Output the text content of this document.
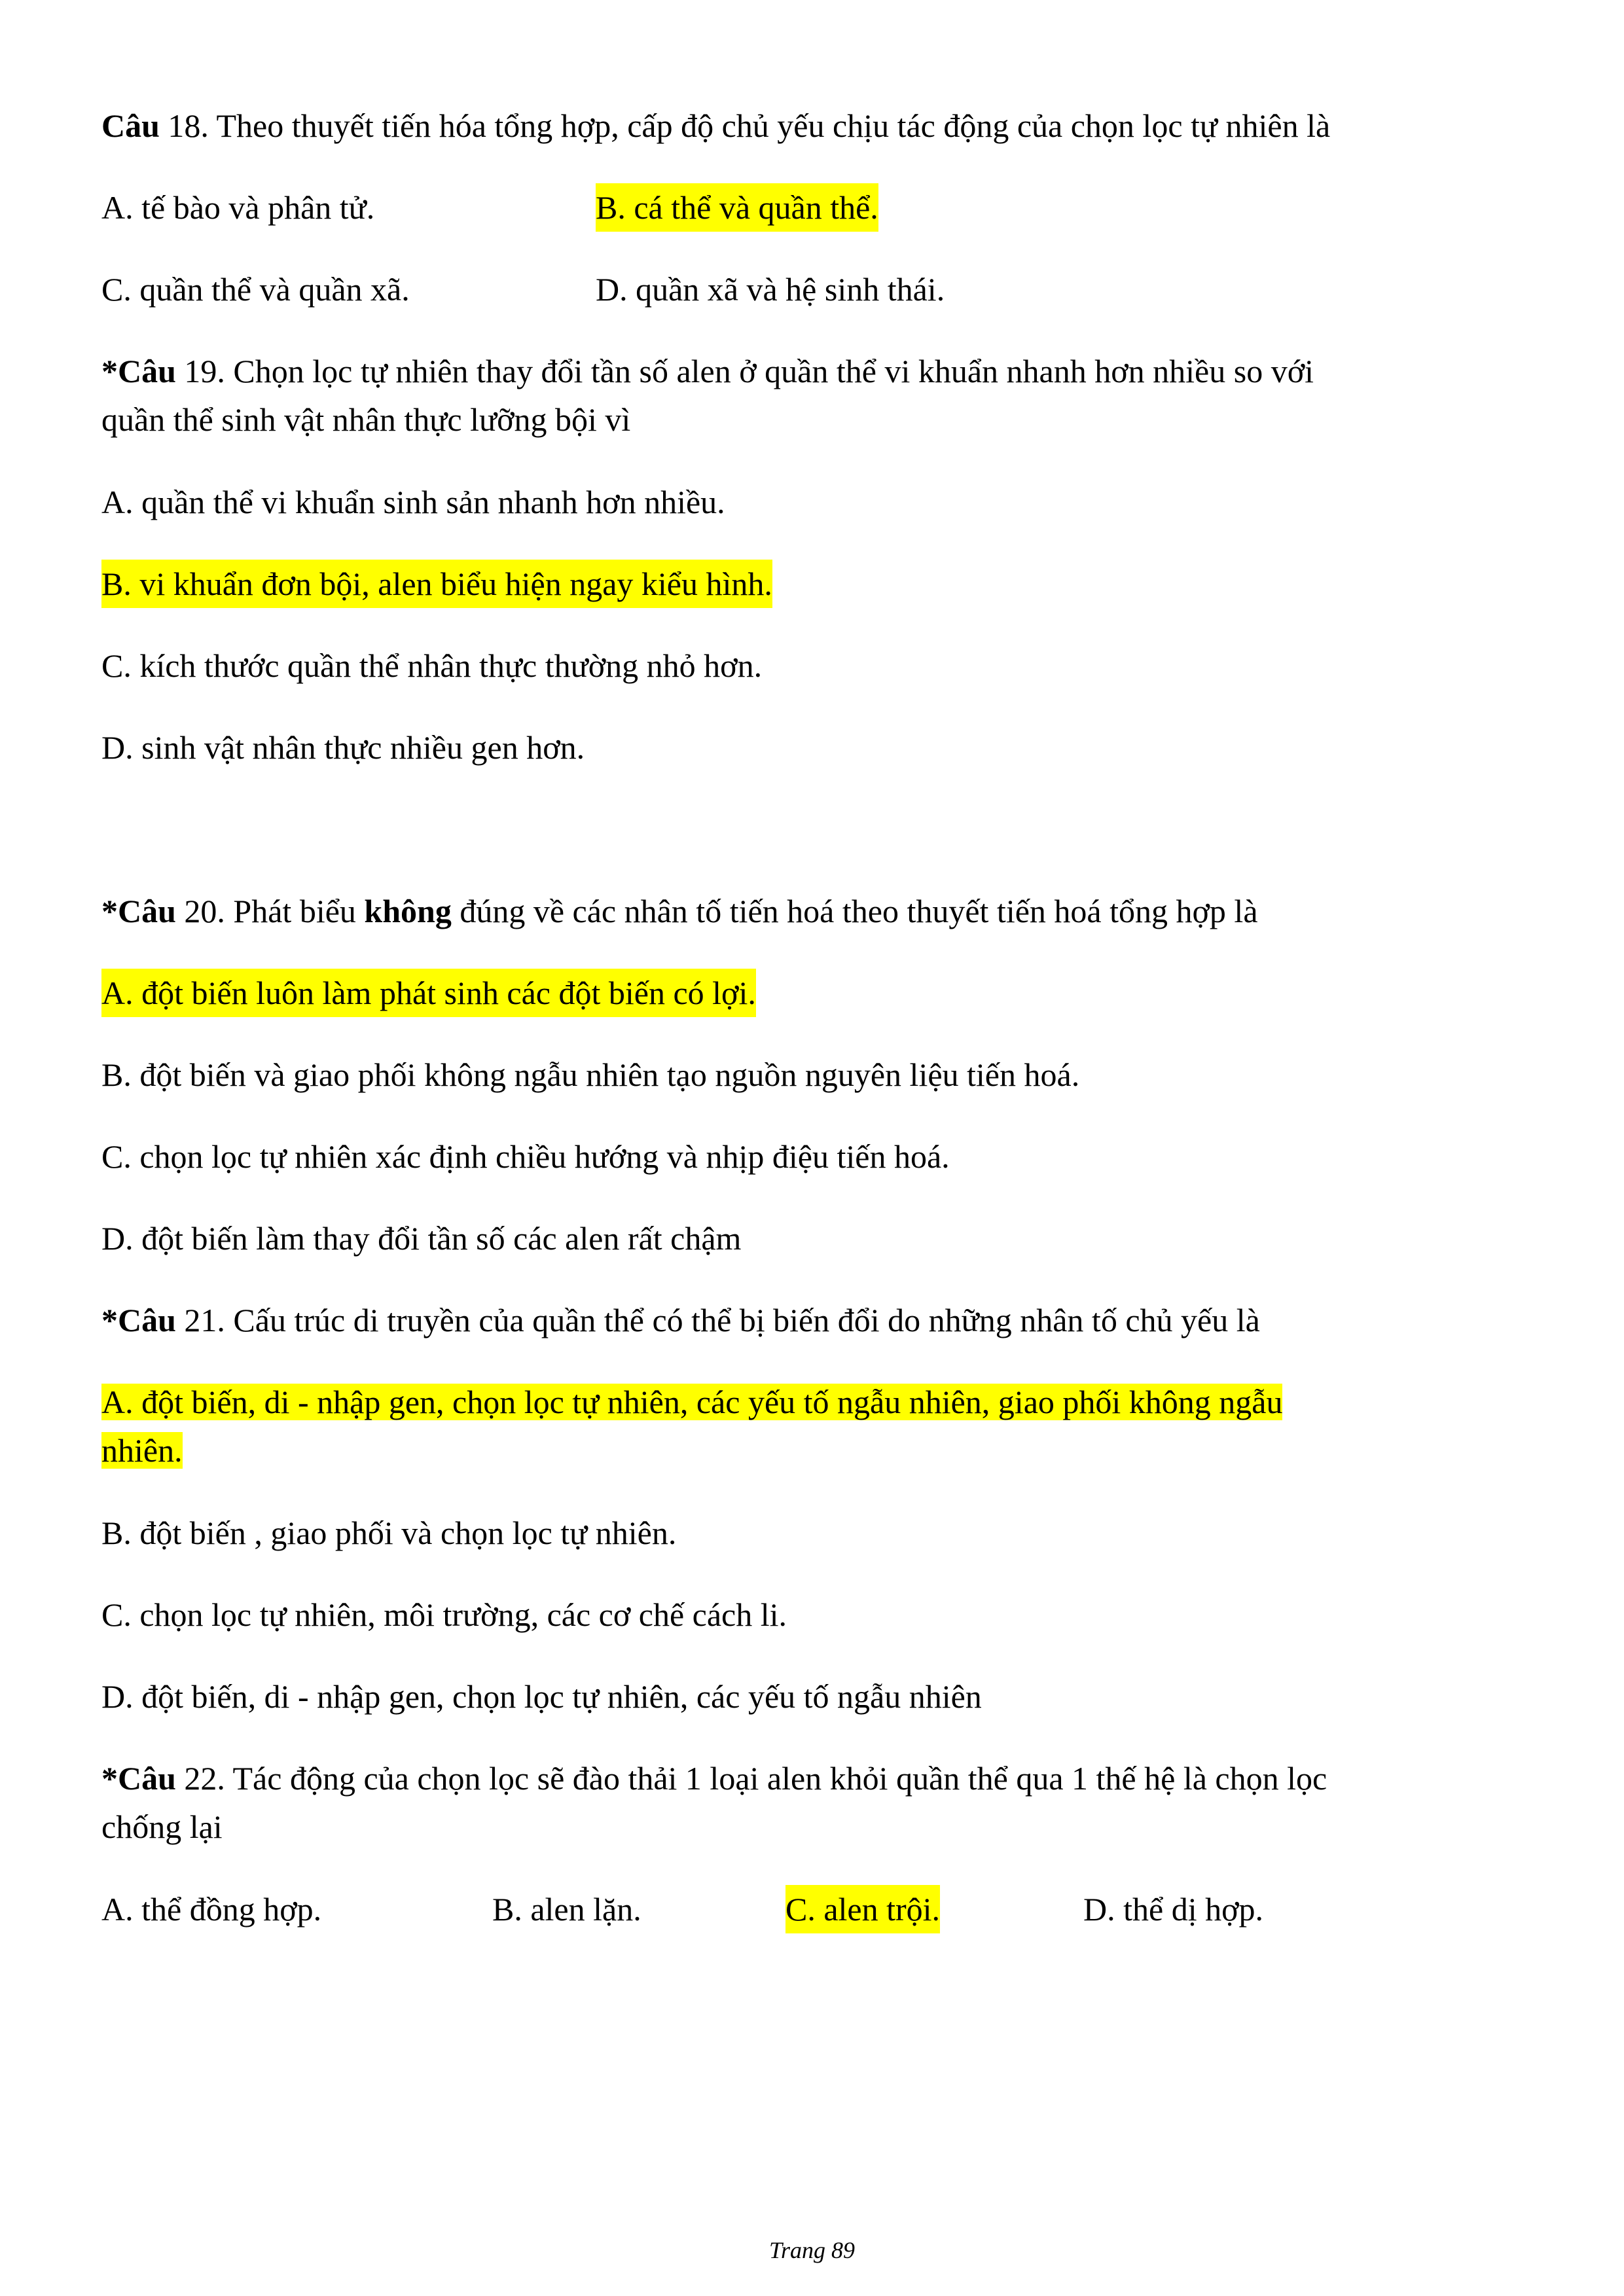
Câu 18. Theo thuyết tiến hóa tổng hợp, cấp độ chủ yếu chịu tác động của chọn lọc tự nhiên là
A. tế bào và phân tử.	B. cá thể và quần thể.
C. quần thể và quần xã.	D. quần xã và hệ sinh thái.
*Câu 19. Chọn lọc tự nhiên thay đổi tần số alen ở quần thể vi khuẩn nhanh hơn nhiều so với
quần thể sinh vật nhân thực lưỡng bội vì
A. quần thể vi khuẩn sinh sản nhanh hơn nhiều.
B. vi khuẩn đơn bội, alen biểu hiện ngay kiểu hình.
C. kích thước quần thể nhân thực thường nhỏ hơn.
D. sinh vật nhân thực nhiều gen hơn.
*Câu 20. Phát biểu không đúng về các nhân tố tiến hoá theo thuyết tiến hoá tổng hợp là
A. đột biến luôn làm phát sinh các đột biến có lợi.
B. đột biến và giao phối không ngẫu nhiên tạo nguồn nguyên liệu tiến hoá.
C. chọn lọc tự nhiên xác định chiều hướng và nhịp điệu tiến hoá.
D. đột biến làm thay đổi tần số các alen rất chậm
*Câu 21. Cấu trúc di truyền của quần thể có thể bị biến đổi do những nhân tố chủ yếu là
A. đột biến, di - nhập gen, chọn lọc tự nhiên, các yếu tố ngẫu nhiên, giao phối không ngẫu
nhiên.
B. đột biến , giao phối và chọn lọc tự nhiên.
C. chọn lọc tự nhiên, môi trường, các cơ chế cách li.
D. đột biến, di - nhập gen, chọn lọc tự nhiên, các yếu tố ngẫu nhiên
*Câu 22. Tác động của chọn lọc sẽ đào thải 1 loại alen khỏi quần thể qua 1 thế hệ là chọn lọc
chống lại
A. thể đồng hợp.	B. alen lặn.	C. alen trội.	D. thể dị hợp.
Trang 89
